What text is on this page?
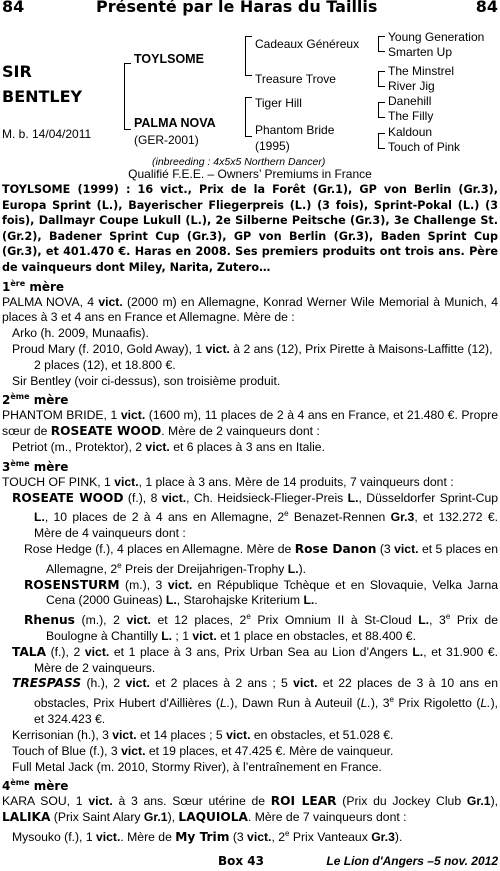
84	Présenté par le Haras du Taillis	84
SIR
BENTLEY
M. b. 14/04/2011
TOYLSOME
PALMA NOVA
(GER-2001)
Cadeaux Généreux
Treasure Trove
Tiger Hill
Phantom Bride
(1995)
Young Generation
Smarten Up
The Minstrel
River Jig
Danehill
The Filly
Kaldoun
Touch of Pink
(inbreeding : 4x5x5 Northern Dancer)
Qualifié F.E.E. – Owners’ Premiums in France

TOYLSOME (1999) : 16 vict., Prix de la Forêt (Gr.1), GP von Berlin (Gr.3), Europa Sprint (L.), Bayerischer Fliegerpreis (L.) (3 fois), Sprint-Pokal (L.) (3 fois), Dallmayr Coupe Lukull (L.), 2e Silberne Peitsche (Gr.3), 3e Challenge St. (Gr.2), Badener Sprint Cup (Gr.3), GP von Berlin (Gr.3), Baden Sprint Cup (Gr.3), et 401.470 €. Haras en 2008. Ses premiers produits ont trois ans. Père de vainqueurs dont Miley, Narita, Zutero…

1ère mère

PALMA NOVA, 4 vict. (2000 m) en Allemagne, Konrad Werner Wile Memorial à Munich, 4 places à 3 et 4 ans en France et Allemagne. Mère de :

Arko (h. 2009, Munaafis).

Proud Mary (f. 2010, Gold Away), 1 vict. à 2 ans (12), Prix Pirette à Maisons-Laffitte (12), 2 places (12), et 18.800 €.

Sir Bentley (voir ci-dessus), son troisième produit.

2ème mère

PHANTOM BRIDE, 1 vict. (1600 m), 11 places de 2 à 4 ans en France, et 21.480 €. Propre sœur de ROSEATE WOOD. Mère de 2 vainqueurs dont :

Petriot (m., Protektor), 2 vict. et 6 places à 3 ans en Italie.

3ème mère

TOUCH OF PINK, 1 vict., 1 place à 3 ans. Mère de 14 produits, 7 vainqueurs dont :

ROSEATE WOOD (f.), 8 vict., Ch. Heidsieck-Flieger-Preis L., Düsseldorfer Sprint-Cup L., 10 places de 2 à 4 ans en Allemagne, 2e Benazet-Rennen Gr.3, et 132.272 €. Mère de 4 vainqueurs dont :

Rose Hedge (f.), 4 places en Allemagne. Mère de Rose Danon (3 vict. et 5 places en Allemagne, 2e Preis der Dreijahrigen-Trophy L.).

ROSENSTURM (m.), 3 vict. en République Tchèque et en Slovaquie, Velka Jarna Cena (2000 Guineas) L., Starohajske Kriterium L..

Rhenus (m.), 2 vict. et 12 places, 2e Prix Omnium II à St-Cloud L., 3e Prix de Boulogne à Chantilly L. ; 1 vict. et 1 place en obstacles, et 88.400 €.

TALA (f.), 2 vict. et 1 place à 3 ans, Prix Urban Sea au Lion d’Angers L., et 31.900 €. Mère de 2 vainqueurs.

TRESPASS (h.), 2 vict. et 2 places à 2 ans ; 5 vict. et 22 places de 3 à 10 ans en obstacles, Prix Hubert d'Aillières (L.), Dawn Run à Auteuil (L.), 3e Prix Rigoletto (L.), et 324.423 €.

Kerrisonian (h.), 3 vict. et 14 places ; 5 vict. en obstacles, et 51.028 €.

Touch of Blue (f.), 3 vict. et 19 places, et 47.425 €. Mère de vainqueur.

Full Metal Jack (m. 2010, Stormy River), à l’entraînement en France.

4ème mère

KARA SOU, 1 vict. à 3 ans. Sœur utérine de ROI LEAR (Prix du Jockey Club Gr.1), LALIKA (Prix Saint Alary Gr.1), LAQUIOLA. Mère de 7 vainqueurs dont :

Mysouko (f.), 1 vict.. Mère de My Trim (3 vict., 2e Prix Vanteaux Gr.3).

Box 43	Le Lion d'Angers –5 nov. 2012
